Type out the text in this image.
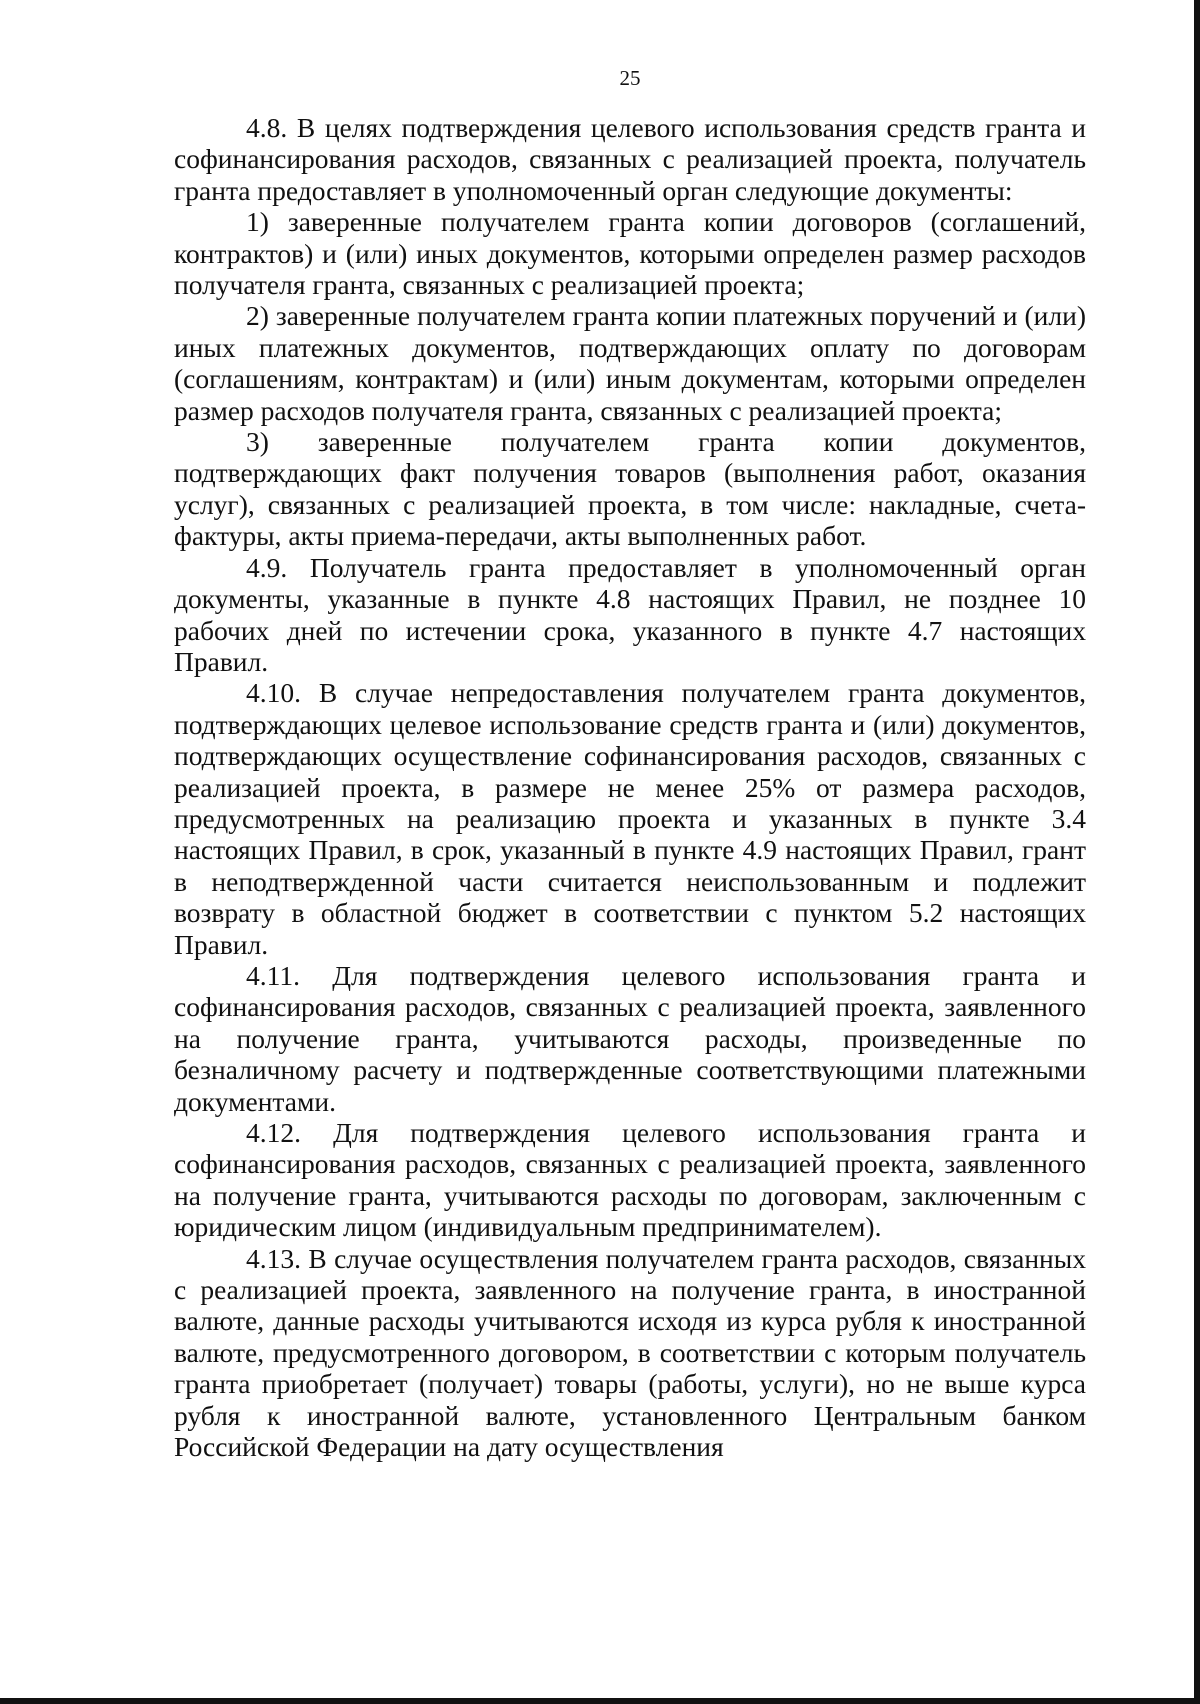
25

4.8. В целях подтверждения целевого использования средств гранта и софинансирования расходов, связанных с реализацией проекта, получатель гранта предоставляет в уполномоченный орган следующие документы:

1) заверенные получателем гранта копии договоров (соглашений, контрактов) и (или) иных документов, которыми определен размер расходов получателя гранта, связанных с реализацией проекта;

2) заверенные получателем гранта копии платежных поручений и (или) иных платежных документов, подтверждающих оплату по договорам (соглашениям, контрактам) и (или) иным документам, которыми определен размер расходов получателя гранта, связанных с реализацией проекта;

3) заверенные получателем гранта копии документов, подтверждающих факт получения товаров (выполнения работ, оказания услуг), связанных с реализацией проекта, в том числе: накладные, счета-фактуры, акты приема-передачи, акты выполненных работ.

4.9. Получатель гранта предоставляет в уполномоченный орган документы, указанные в пункте 4.8 настоящих Правил, не позднее 10 рабочих дней по истечении срока, указанного в пункте 4.7 настоящих Правил.

4.10. В случае непредоставления получателем гранта документов, подтверждающих целевое использование средств гранта и (или) документов, подтверждающих осуществление софинансирования расходов, связанных с реализацией проекта, в размере не менее 25% от размера расходов, предусмотренных на реализацию проекта и указанных в пункте 3.4 настоящих Правил, в срок, указанный в пункте 4.9 настоящих Правил, грант в неподтвержденной части считается неиспользованным и подлежит возврату в областной бюджет в соответствии с пунктом 5.2 настоящих Правил.

4.11. Для подтверждения целевого использования гранта и софинансирования расходов, связанных с реализацией проекта, заявленного на получение гранта, учитываются расходы, произведенные по безналичному расчету и подтвержденные соответствующими платежными документами.

4.12. Для подтверждения целевого использования гранта и софинансирования расходов, связанных с реализацией проекта, заявленного на получение гранта, учитываются расходы по договорам, заключенным с юридическим лицом (индивидуальным предпринимателем).

4.13. В случае осуществления получателем гранта расходов, связанных с реализацией проекта, заявленного на получение гранта, в иностранной валюте, данные расходы учитываются исходя из курса рубля к иностранной валюте, предусмотренного договором, в соответствии с которым получатель гранта приобретает (получает) товары (работы, услуги), но не выше курса рубля к иностранной валюте, установленного Центральным банком Российской Федерации на дату осуществления
